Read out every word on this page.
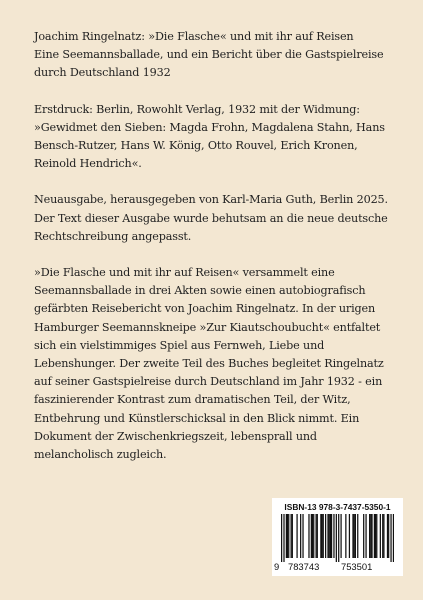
Joachim Ringelnatz: »Die Flasche« und mit ihr auf Reisen
Eine Seemannsballade, und ein Bericht über die Gastspielreise
durch Deutschland 1932

Erstdruck: Berlin, Rowohlt Verlag, 1932 mit der Widmung:
»Gewidmet den Sieben: Magda Frohn, Magdalena Stahn, Hans
Bensch-Rutzer, Hans W. König, Otto Rouvel, Erich Kronen,
Reinold Hendrich«.

Neuausgabe, herausgegeben von Karl-Maria Guth, Berlin 2025.
Der Text dieser Ausgabe wurde behutsam an die neue deutsche
Rechtschreibung angepasst.

»Die Flasche und mit ihr auf Reisen« versammelt eine
Seemannsballade in drei Akten sowie einen autobiografisch
gefärbten Reisebericht von Joachim Ringelnatz. In der urigen
Hamburger Seemannskneipe »Zur Kiautschoubucht« entfaltet
sich ein vielstimmiges Spiel aus Fernweh, Liebe und
Lebenshunger. Der zweite Teil des Buches begleitet Ringelnatz
auf seiner Gastspielreise durch Deutschland im Jahr 1932 - ein
faszinierender Kontrast zum dramatischen Teil, der Witz,
Entbehrung und Künstlerschicksal in den Blick nimmt. Ein
Dokument der Zwischenkriegszeit, lebensprall und
melancholisch zugleich.

ISBN-13 978-3-7437-5350-1
9 783743 753501
